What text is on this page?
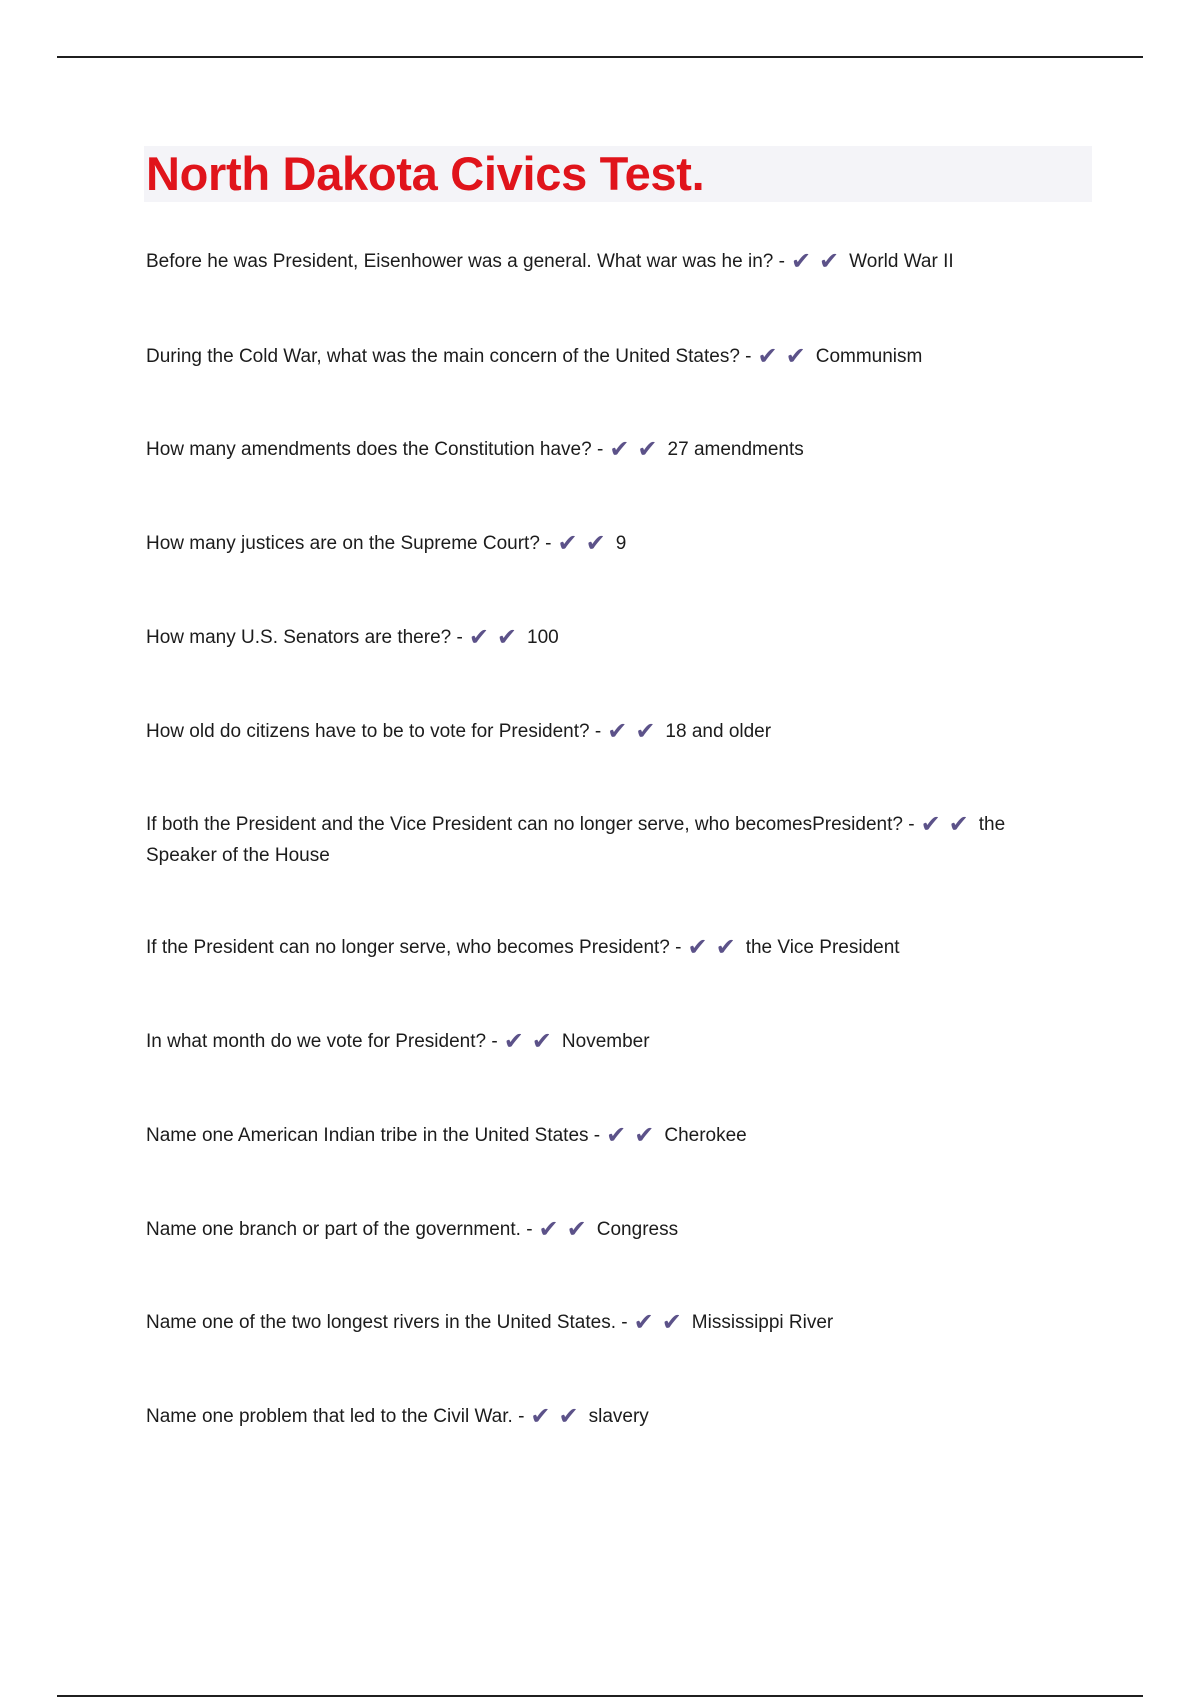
North Dakota Civics Test.

Before he was President, Eisenhower was a general. What war was he in? - ✔ ✔ World War II

During the Cold War, what was the main concern of the United States? - ✔ ✔ Communism

How many amendments does the Constitution have? - ✔ ✔ 27 amendments

How many justices are on the Supreme Court? - ✔ ✔ 9

How many U.S. Senators are there? - ✔ ✔ 100

How old do citizens have to be to vote for President? - ✔ ✔ 18 and older

If both the President and the Vice President can no longer serve, who becomesPresident? - ✔ ✔ the Speaker of the House

If the President can no longer serve, who becomes President? - ✔ ✔ the Vice President

In what month do we vote for President? - ✔ ✔ November

Name one American Indian tribe in the United States - ✔ ✔ Cherokee

Name one branch or part of the government. - ✔ ✔ Congress

Name one of the two longest rivers in the United States. - ✔ ✔ Mississippi River

Name one problem that led to the Civil War. - ✔ ✔ slavery
